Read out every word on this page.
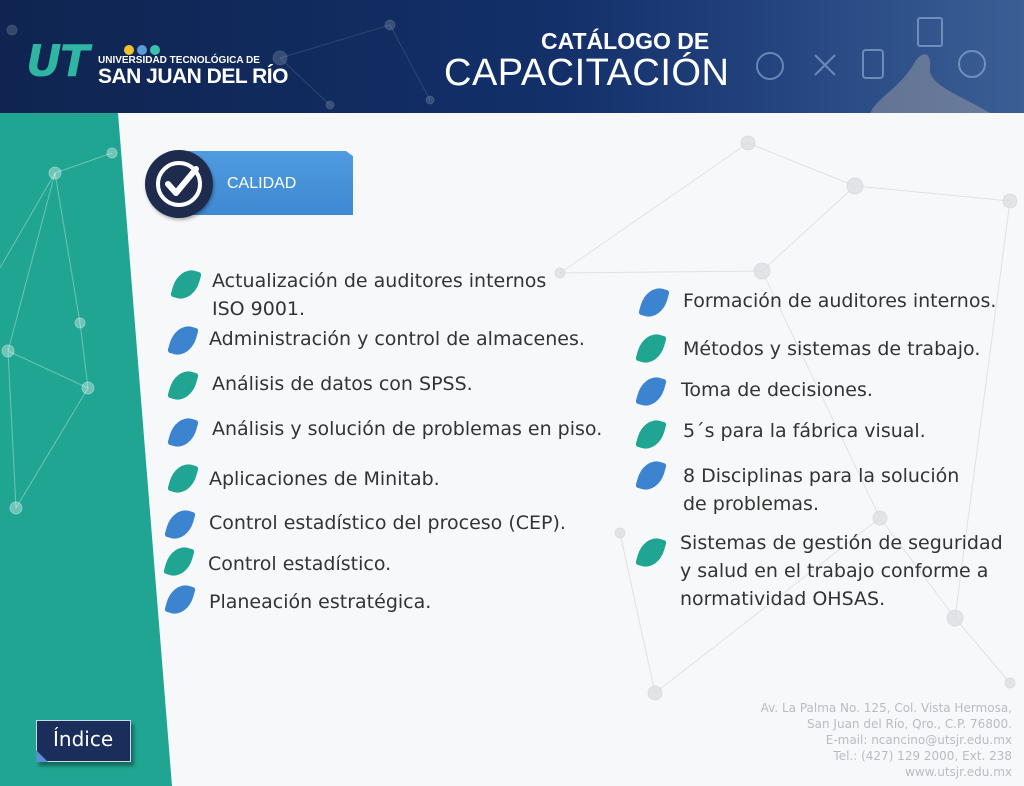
UT UNIVERSIDAD TECNOLÓGICA DE
SAN JUAN DEL RÍO
CATÁLOGO DE
CAPACITACIÓN
CALIDAD
Actualización de auditores internos
ISO 9001.
Administración y control de almacenes.
Análisis de datos con SPSS.
Análisis y solución de problemas en piso.
Aplicaciones de Minitab.
Control estadístico del proceso (CEP).
Control estadístico.
Planeación estratégica.
Formación de auditores internos.
Métodos y sistemas de trabajo.
Toma de decisiones.
5´s para la fábrica visual.
8 Disciplinas para la solución
de problemas.
Sistemas de gestión de seguridad
y salud en el trabajo conforme a
normatividad OHSAS.
Av. La Palma No. 125, Col. Vista Hermosa,
San Juan del Río, Qro., C.P. 76800.
E-mail: ncancino@utsjr.edu.mx
Tel.: (427) 129 2000, Ext. 238
www.utsjr.edu.mx
Índice
